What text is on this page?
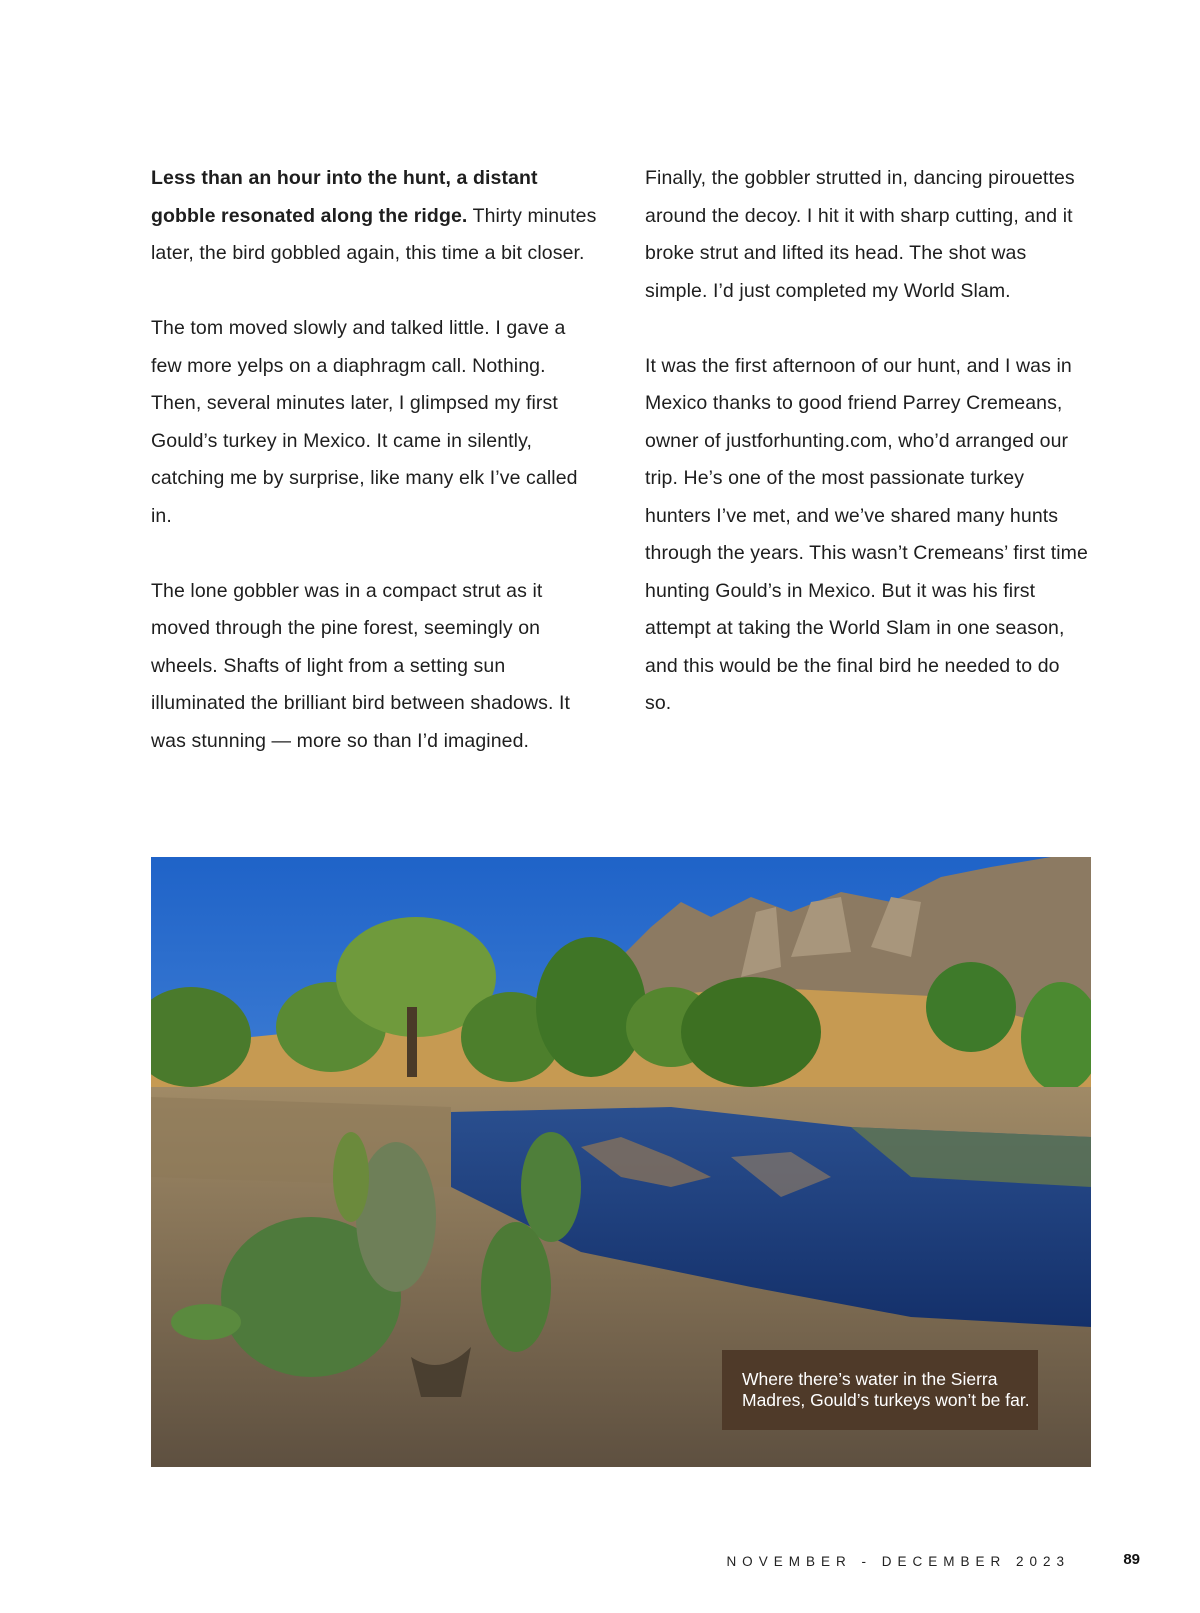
Less than an hour into the hunt, a distant gobble resonated along the ridge. Thirty minutes later, the bird gobbled again, this time a bit closer.

The tom moved slowly and talked little. I gave a few more yelps on a diaphragm call. Nothing. Then, several minutes later, I glimpsed my first Gould’s turkey in Mexico. It came in silently, catching me by surprise, like many elk I’ve called in.

The lone gobbler was in a compact strut as it moved through the pine forest, seemingly on wheels. Shafts of light from a setting sun illuminated the brilliant bird between shadows. It was stunning — more so than I’d imagined.

Finally, the gobbler strutted in, dancing pirouettes around the decoy. I hit it with sharp cutting, and it broke strut and lifted its head. The shot was simple. I’d just completed my World Slam.

It was the first afternoon of our hunt, and I was in Mexico thanks to good friend Parrey Cremeans, owner of justforhunting.com, who’d arranged our trip. He’s one of the most passionate turkey hunters I’ve met, and we’ve shared many hunts through the years. This wasn’t Cremeans’ first time hunting Gould’s in Mexico. But it was his first attempt at taking the World Slam in one season, and this would be the final bird he needed to do so.

Where there’s water in the Sierra Madres, Gould’s turkeys won’t be far.
NOVEMBER - DECEMBER 2023	89
